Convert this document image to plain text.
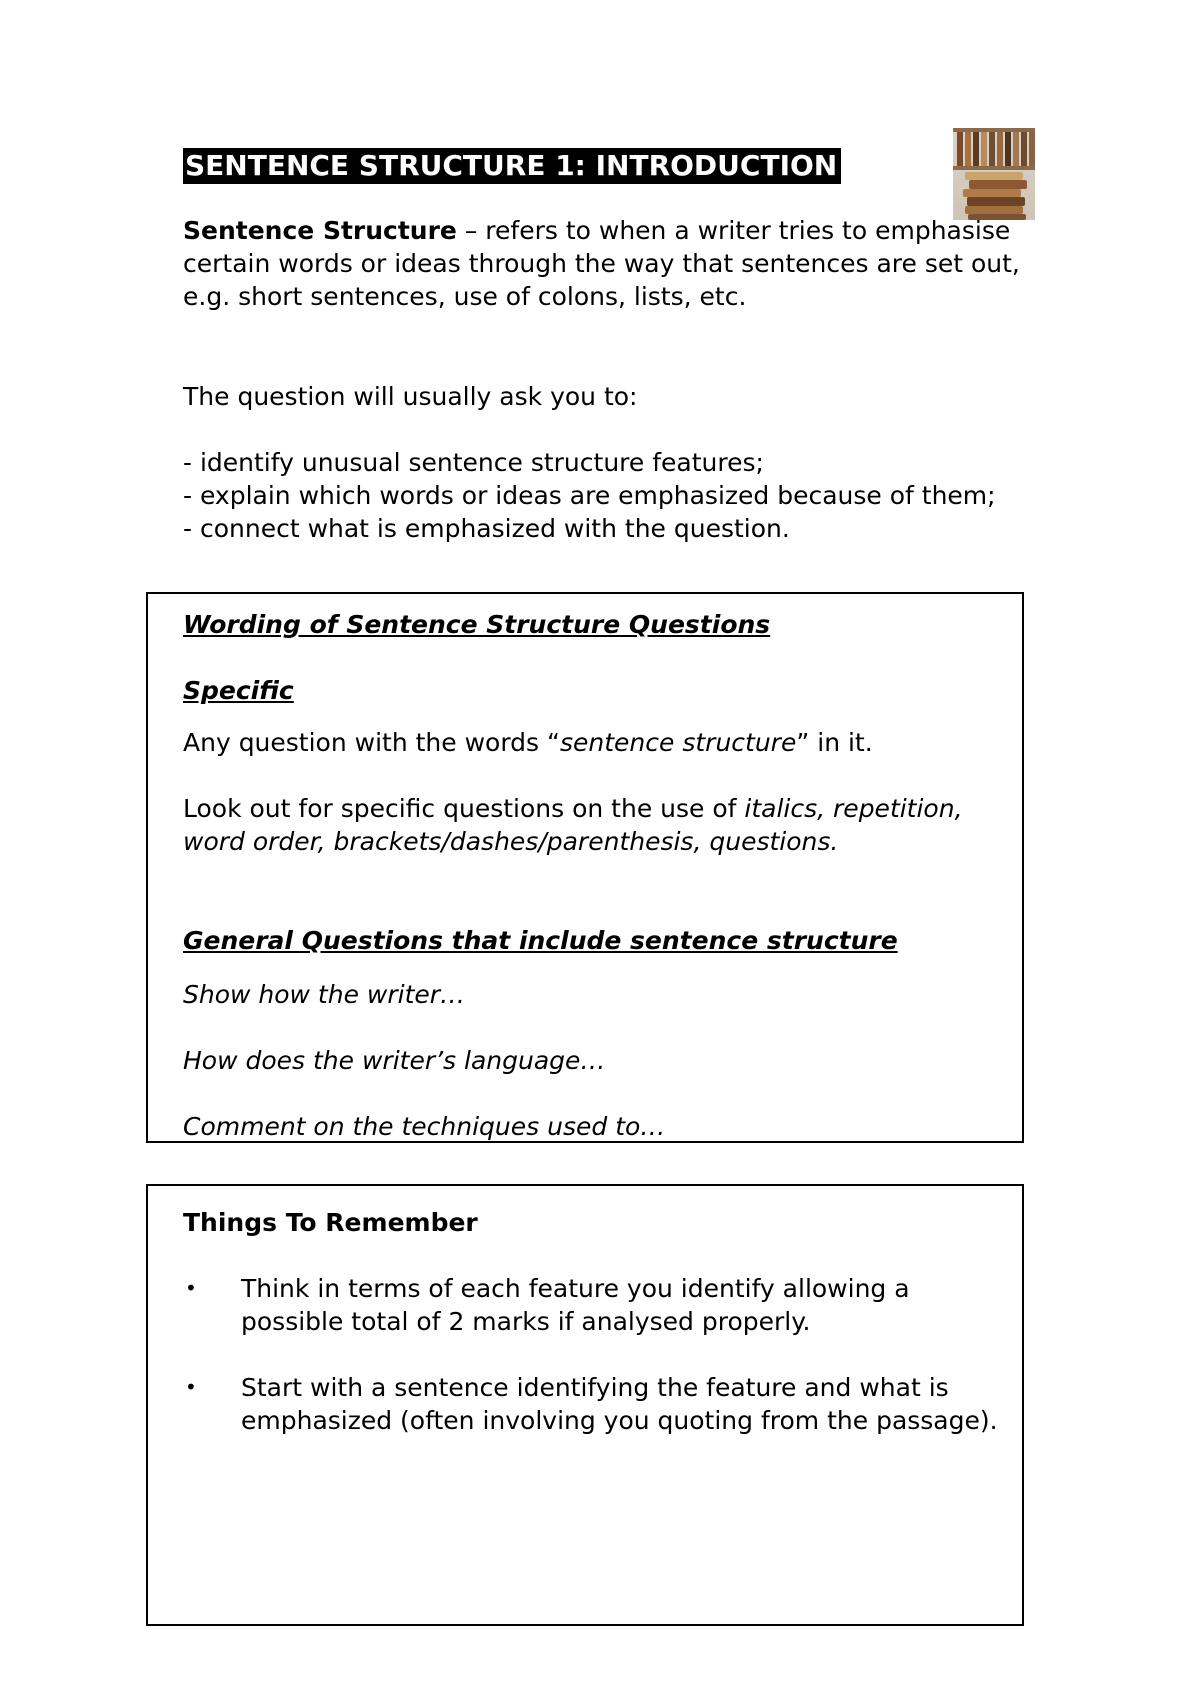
SENTENCE STRUCTURE 1: INTRODUCTION

Sentence Structure – refers to when a writer tries to emphasise certain words or ideas through the way that sentences are set out, e.g. short sentences, use of colons, lists, etc.

The question will usually ask you to:

- identify unusual sentence structure features;
- explain which words or ideas are emphasized because of them;
- connect what is emphasized with the question.
Wording of Sentence Structure Questions
Specific

Any question with the words “sentence structure” in it.

Look out for specific questions on the use of italics, repetition, word order, brackets/dashes/parenthesis, questions.

General Questions that include sentence structure

Show how the writer…

How does the writer’s language…

Comment on the techniques used to…

Things To Remember
• Think in terms of each feature you identify allowing a possible total of 2 marks if analysed properly.
• Start with a sentence identifying the feature and what is emphasized (often involving you quoting from the passage).
